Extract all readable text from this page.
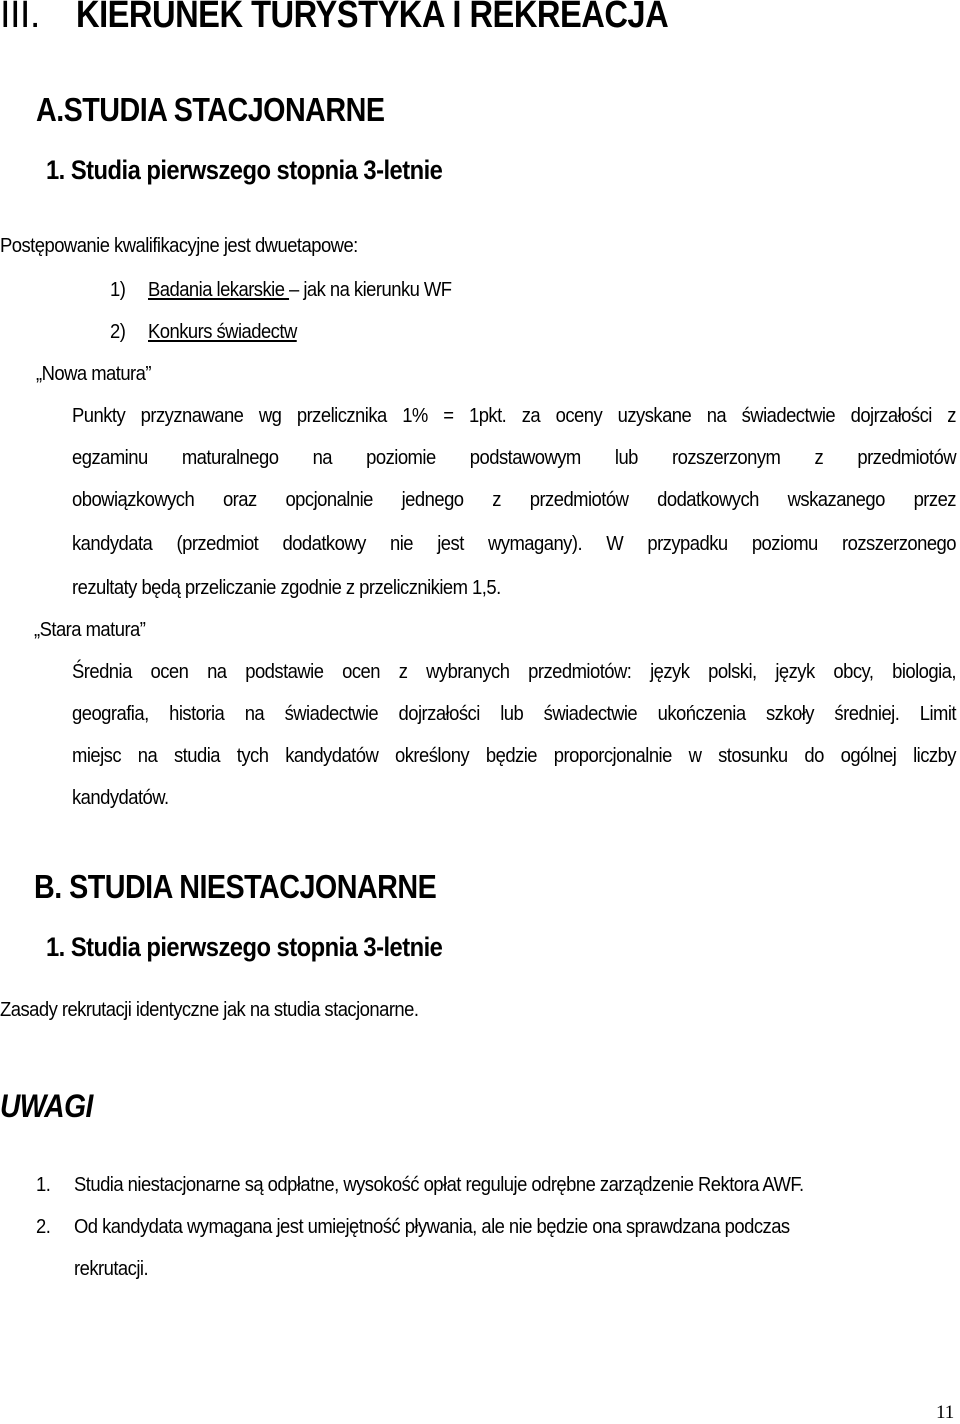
III. KIERUNEK TURYSTYKA I REKREACJA
A.STUDIA STACJONARNE
1. Studia pierwszego stopnia 3-letnie
Postępowanie kwalifikacyjne jest dwuetapowe:
1) Badania lekarskie – jak na kierunku WF
2) Konkurs świadectw
„Nowa matura”
Punkty przyznawane wg przelicznika 1% = 1pkt. za oceny uzyskane na świadectwie dojrzałości z
egzaminu maturalnego na poziomie podstawowym lub rozszerzonym z przedmiotów
obowiązkowych oraz opcjonalnie jednego z przedmiotów dodatkowych wskazanego przez
kandydata (przedmiot dodatkowy nie jest wymagany). W przypadku poziomu rozszerzonego
rezultaty będą przeliczanie zgodnie z przelicznikiem 1,5.
„Stara matura”
Średnia ocen na podstawie ocen z wybranych przedmiotów: język polski, język obcy, biologia,
geografia, historia na świadectwie dojrzałości lub świadectwie ukończenia szkoły średniej. Limit
miejsc na studia tych kandydatów określony będzie proporcjonalnie w stosunku do ogólnej liczby
kandydatów.
B. STUDIA NIESTACJONARNE
1. Studia pierwszego stopnia 3-letnie
Zasady rekrutacji identyczne jak na studia stacjonarne.
UWAGI
1. Studia niestacjonarne są odpłatne, wysokość opłat reguluje odrębne zarządzenie Rektora AWF.
2. Od kandydata wymagana jest umiejętność pływania, ale nie będzie ona sprawdzana podczas
rekrutacji.
11
